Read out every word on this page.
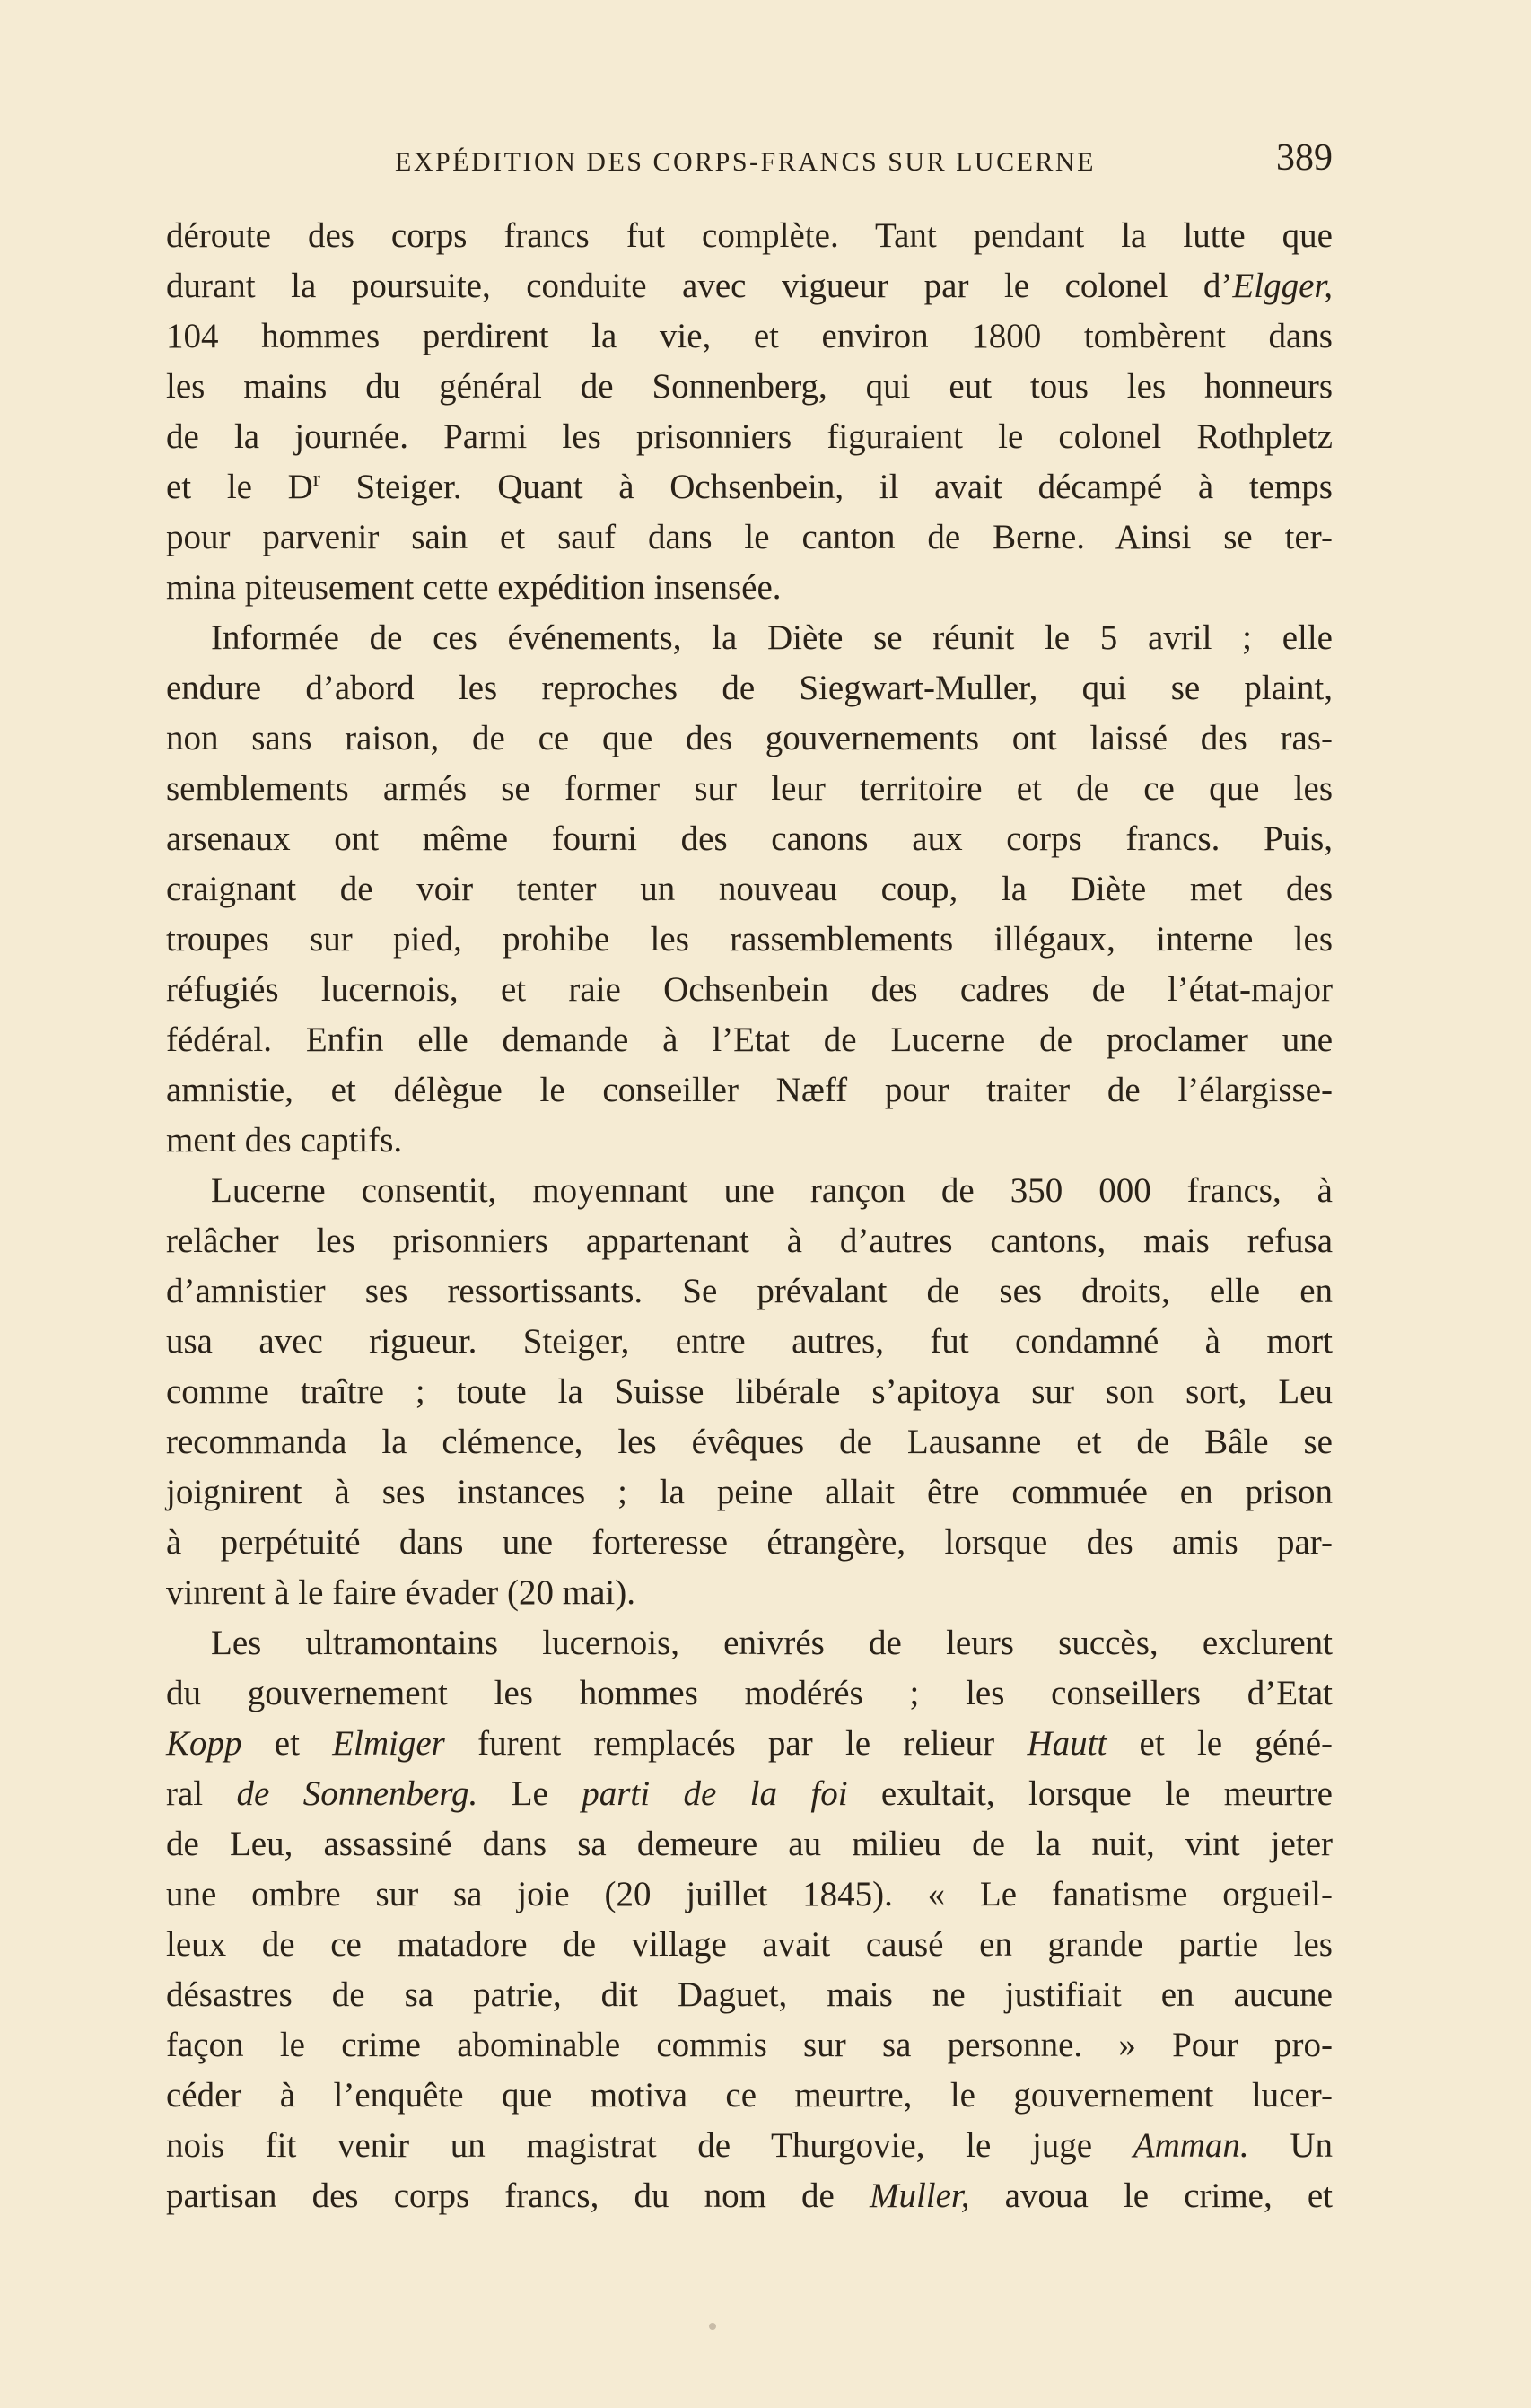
EXPÉDITION DES CORPS-FRANCS SUR LUCERNE	389
déroute des corps francs fut complète. Tant pendant la lutte que
durant la poursuite, conduite avec vigueur par le colonel d’Elgger,
104 hommes perdirent la vie, et environ 1800 tombèrent dans
les mains du général de Sonnenberg, qui eut tous les honneurs
de la journée. Parmi les prisonniers figuraient le colonel Rothpletz
et le $D^r$ Steiger. Quant à Ochsenbein, il avait décampé à temps
pour parvenir sain et sauf dans le canton de Berne. Ainsi se ter-
mina piteusement cette expédition insensée.
Informée de ces événements, la Diète se réunit le 5 avril ; elle
endure d’abord les reproches de Siegwart-Muller, qui se plaint,
non sans raison, de ce que des gouvernements ont laissé des ras-
semblements armés se former sur leur territoire et de ce que les
arsenaux ont même fourni des canons aux corps francs. Puis,
craignant de voir tenter un nouveau coup, la Diète met des
troupes sur pied, prohibe les rassemblements illégaux, interne les
réfugiés lucernois, et raie Ochsenbein des cadres de l’état-major
fédéral. Enfin elle demande à l’Etat de Lucerne de proclamer une
amnistie, et délègue le conseiller Næff pour traiter de l’élargisse-
ment des captifs.
Lucerne consentit, moyennant une rançon de 350 000 francs, à
relâcher les prisonniers appartenant à d’autres cantons, mais refusa
d’amnistier ses ressortissants. Se prévalant de ses droits, elle en
usa avec rigueur. Steiger, entre autres, fut condamné à mort
comme traître ; toute la Suisse libérale s’apitoya sur son sort, Leu
recommanda la clémence, les évêques de Lausanne et de Bâle se
joignirent à ses instances ; la peine allait être commuée en prison
à perpétuité dans une forteresse étrangère, lorsque des amis par-
vinrent à le faire évader (20 mai).
Les ultramontains lucernois, enivrés de leurs succès, exclurent
du gouvernement les hommes modérés ; les conseillers d’Etat
Kopp et Elmiger furent remplacés par le relieur Hautt et le géné-
ral de Sonnenberg. Le parti de la foi exultait, lorsque le meurtre
de Leu, assassiné dans sa demeure au milieu de la nuit, vint jeter
une ombre sur sa joie (20 juillet 1845). « Le fanatisme orgueil-
leux de ce matadore de village avait causé en grande partie les
désastres de sa patrie, dit Daguet, mais ne justifiait en aucune
façon le crime abominable commis sur sa personne. » Pour pro-
céder à l’enquête que motiva ce meurtre, le gouvernement lucer-
nois fit venir un magistrat de Thurgovie, le juge Amman. Un
partisan des corps francs, du nom de Muller, avoua le crime, et
